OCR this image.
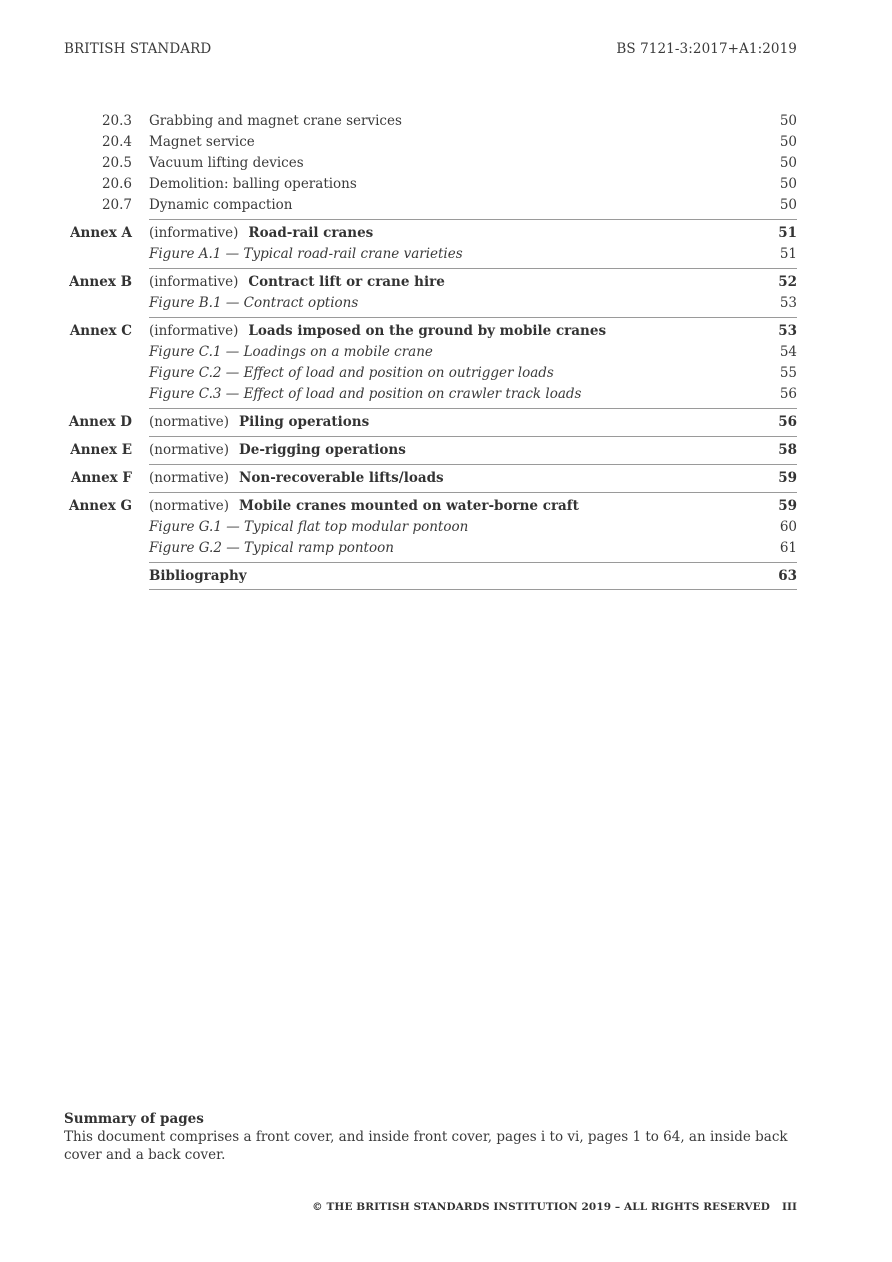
BRITISH STANDARD	BS 7121-3:2017+A1:2019
20.3 Grabbing and magnet crane services	50
20.4 Magnet service	50
20.5 Vacuum lifting devices	50
20.6 Demolition: balling operations	50
20.7 Dynamic compaction	50
Annex A (informative) Road-rail cranes	51
Figure A.1 — Typical road-rail crane varieties	51
Annex B (informative) Contract lift or crane hire	52
Figure B.1 — Contract options	53
Annex C (informative) Loads imposed on the ground by mobile cranes	53
Figure C.1 — Loadings on a mobile crane	54
Figure C.2 — Effect of load and position on outrigger loads	55
Figure C.3 — Effect of load and position on crawler track loads	56
Annex D (normative) Piling operations	56
Annex E (normative) De-rigging operations	58
Annex F (normative) Non-recoverable lifts/loads	59
Annex G (normative) Mobile cranes mounted on water-borne craft	59
Figure G.1 — Typical flat top modular pontoon	60
Figure G.2 — Typical ramp pontoon	61
Bibliography	63
Summary of pages
This document comprises a front cover, and inside front cover, pages i to vi, pages 1 to 64, an inside back cover and a back cover.
© THE BRITISH STANDARDS INSTITUTION 2019 – ALL RIGHTS RESERVED III
